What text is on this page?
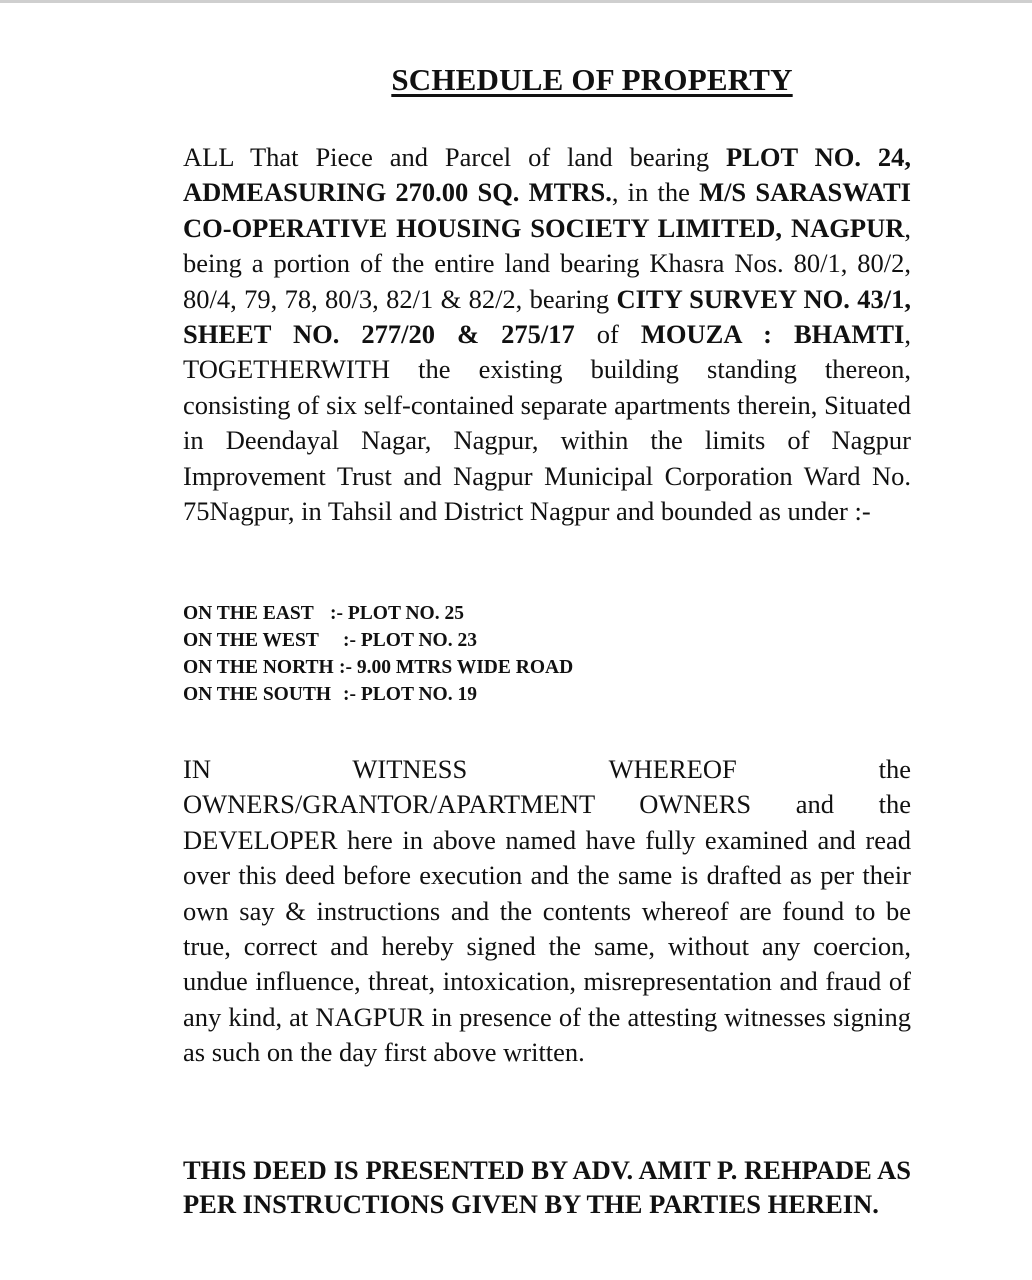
SCHEDULE OF PROPERTY

ALL That Piece and Parcel of land bearing PLOT NO. 24, ADMEASURING 270.00 SQ. MTRS., in the M/S SARASWATI CO-OPERATIVE HOUSING SOCIETY LIMITED, NAGPUR, being a portion of the entire land bearing Khasra Nos. 80/1, 80/2, 80/4, 79, 78, 80/3, 82/1 & 82/2, bearing CITY SURVEY NO. 43/1, SHEET NO. 277/20 & 275/17 of MOUZA : BHAMTI, TOGETHERWITH the existing building standing thereon, consisting of six self-contained separate apartments therein, Situated in Deendayal Nagar, Nagpur, within the limits of Nagpur Improvement Trust and Nagpur Municipal Corporation Ward No. 75Nagpur, in Tahsil and District Nagpur and bounded as under :-

ON THE EAST :- PLOT NO. 25
ON THE WEST	:- PLOT NO. 23
ON THE NORTH :- 9.00 MTRS WIDE ROAD
ON THE SOUTH :- PLOT NO. 19

IN WITNESS WHEREOF the OWNERS/GRANTOR/APARTMENT OWNERS and the DEVELOPER here in above named have fully examined and read over this deed before execution and the same is drafted as per their own say & instructions and the contents whereof are found to be true, correct and hereby signed the same, without any coercion, undue influence, threat, intoxication, misrepresentation and fraud of any kind, at NAGPUR in presence of the attesting witnesses signing as such on the day first above written.

THIS DEED IS PRESENTED BY ADV. AMIT P. REHPADE AS PER INSTRUCTIONS GIVEN BY THE PARTIES HEREIN.
